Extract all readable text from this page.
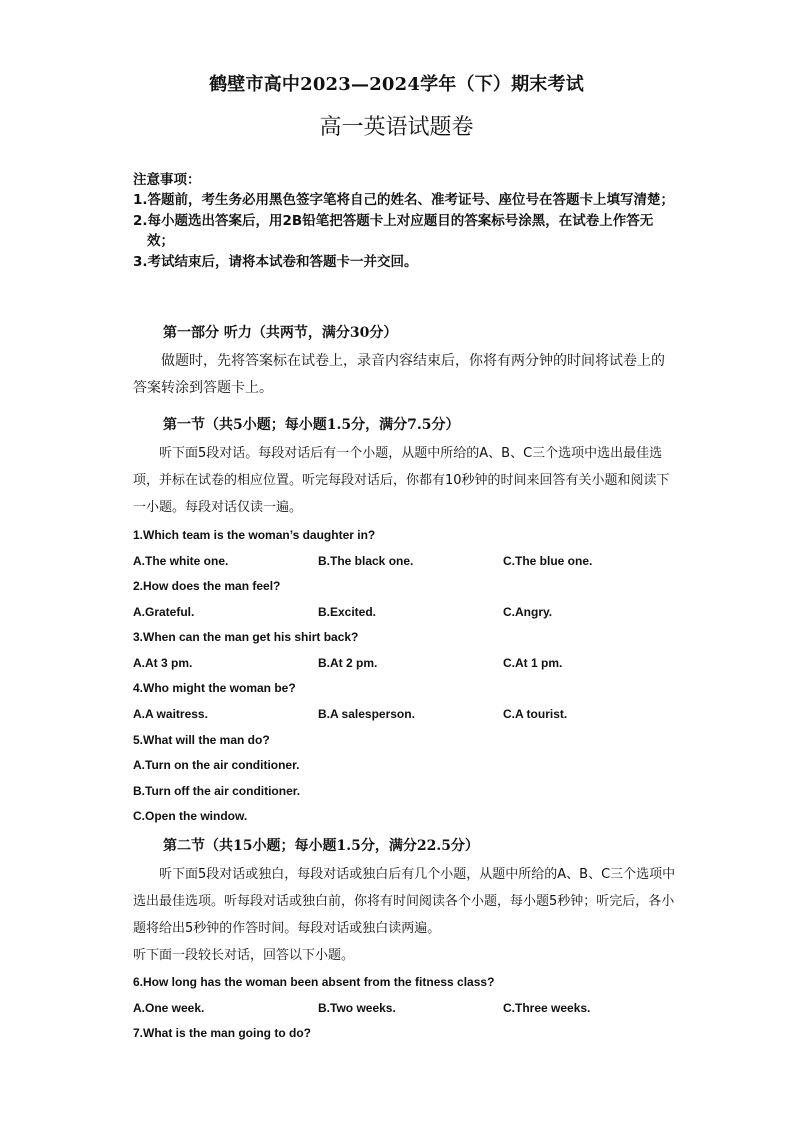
鹤壁市高中2023—2024学年（下）期末考试
高一英语试题卷
注意事项：
1.答题前，考生务必用黑色签字笔将自己的姓名、准考证号、座位号在答题卡上填写清楚；
2.每小题选出答案后，用2B铅笔把答题卡上对应题目的答案标号涂黑，在试卷上作答无效；
3.考试结束后，请将本试卷和答题卡一并交回。
第一部分 听力（共两节，满分30分）
做题时，先将答案标在试卷上，录音内容结束后，你将有两分钟的时间将试卷上的答案转涂到答题卡上。
第一节（共5小题；每小题1.5分，满分7.5分）
听下面5段对话。每段对话后有一个小题，从题中所给的A、B、C三个选项中选出最佳选项，并标在试卷的相应位置。听完每段对话后，你都有10秒钟的时间来回答有关小题和阅读下一小题。每段对话仅读一遍。
1.Which team is the woman’s daughter in?
A.The white one.	B.The black one.	C.The blue one.
2.How does the man feel?
A.Grateful.	B.Excited.	C.Angry.
3.When can the man get his shirt back?
A.At 3 pm.	B.At 2 pm.	C.At 1 pm.
4.Who might the woman be?
A.A waitress.	B.A salesperson.	C.A tourist.
5.What will the man do?
A.Turn on the air conditioner.
B.Turn off the air conditioner.
C.Open the window.
第二节（共15小题；每小题1.5分，满分22.5分）
听下面5段对话或独白，每段对话或独白后有几个小题，从题中所给的A、B、C三个选项中选出最佳选项。听每段对话或独白前，你将有时间阅读各个小题，每小题5秒钟；听完后，各小题将给出5秒钟的作答时间。每段对话或独白读两遍。
听下面一段较长对话，回答以下小题。
6.How long has the woman been absent from the fitness class?
A.One week.	B.Two weeks.	C.Three weeks.
7.What is the man going to do?
